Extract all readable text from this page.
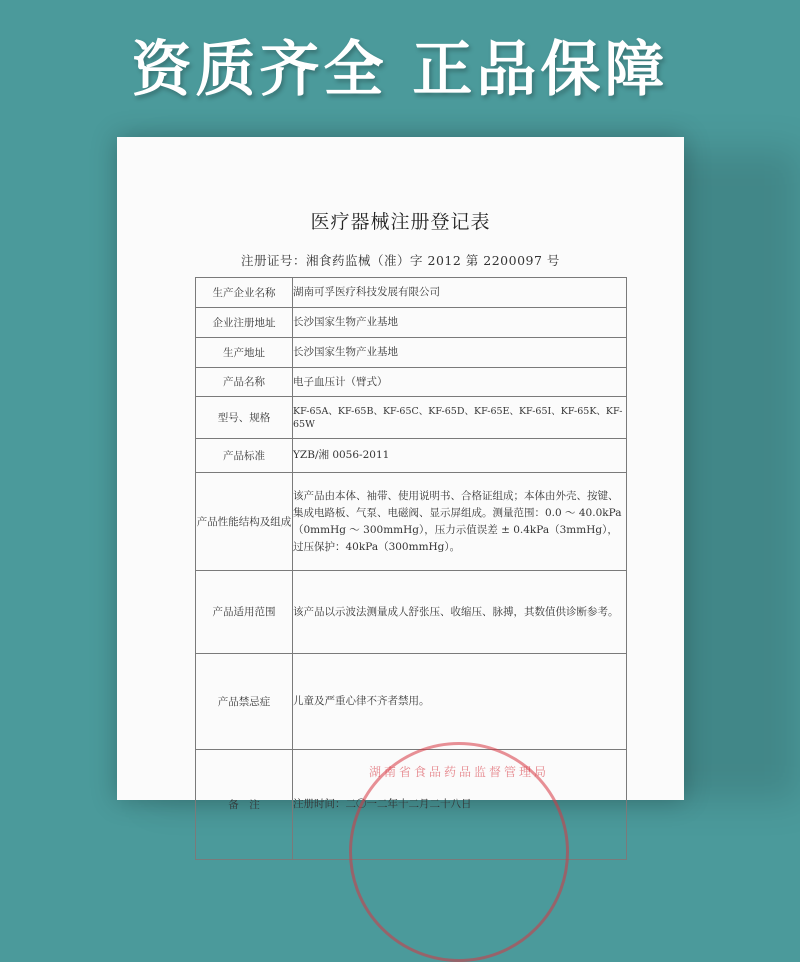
资质齐全 正品保障
医疗器械注册登记表
注册证号：湘食药监械（准）字 2012 第 2200097 号
生产企业名称	湖南可孚医疗科技发展有限公司
企业注册地址	长沙国家生物产业基地
生产地址	长沙国家生物产业基地
产品名称	电子血压计（臂式）
型号、规格	KF-65A、KF-65B、KF-65C、KF-65D、KF-65E、KF-65I、KF-65K、KF-65W
产品标准	YZB/湘 0056-2011
产品性能结构及组成	该产品由本体、袖带、使用说明书、合格证组成；本体由外壳、按键、集成电路板、气泵、电磁阀、显示屏组成。测量范围：0.0 ～ 40.0kPa（0mmHg ～ 300mmHg），压力示值误差 ± 0.4kPa（3mmHg），过压保护：40kPa（300mmHg）。
产品适用范围	该产品以示波法测量成人舒张压、收缩压、脉搏，其数值供诊断参考。
产品禁忌症	儿童及严重心律不齐者禁用。
备　注	注册时间：二〇一二年十二月二十八日
湖南省食品药品监督管理局
